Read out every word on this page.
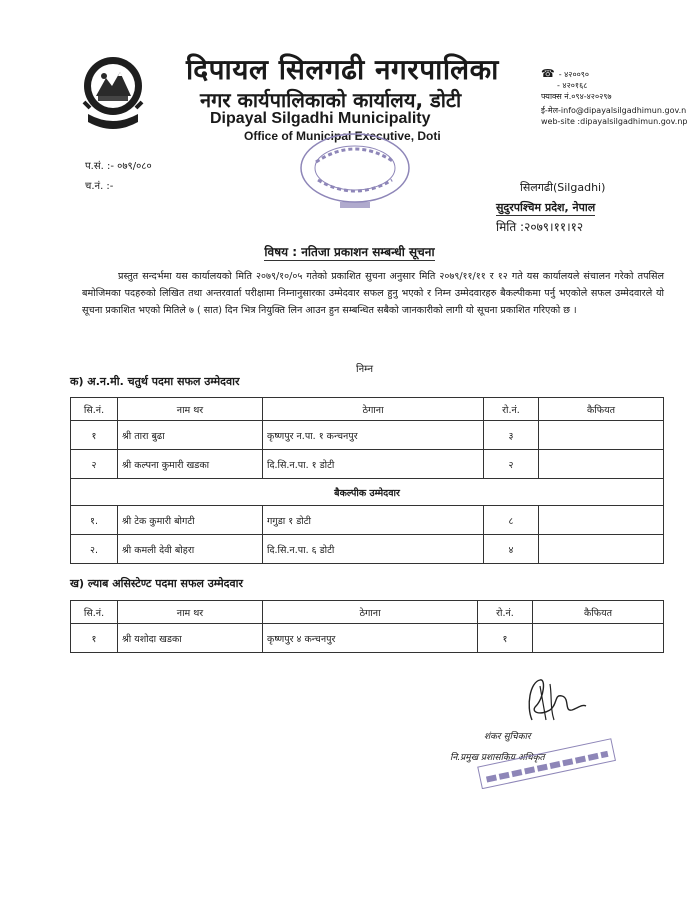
दिपायल सिलगढी नगरपालिका
नगर कार्यपालिकाको कार्यालय, डोटी
Dipayal Silgadhi Municipality
Office of Municipal Executive, Doti
☎ - ४२००९०
- ४२०१६८
फ्याक्स नं.०९४-४२०२९७
ई-मेल-info@dipayalsilgadhimun.gov.n
web-site :dipayalsilgadhimun.gov.np
प.सं. :- ०७९/०८०
च.नं. :-	सिलगढी(Silgadhi)
सुदुरपश्चिम प्रदेश, नेपाल
मिति :२०७९।११।१२
विषय : नतिजा प्रकाशन सम्बन्धी सूचना

प्रस्तुत सन्दर्भमा यस कार्यालयको मिति २०७९/१०/०५ गतेको प्रकाशित सुचना अनुसार मिति २०७९/११/११ र १२ गते यस कार्यालयले संचालन गरेको तपसिल बमोजिमका पदहरुको लिखित तथा अन्तरवार्ता परीक्षामा निम्नानुसारका उम्मेदवार सफल हुनु भएको र निम्न उम्मेदवारहरु बैकल्पीकमा पर्नु भएकोले सफल उम्मेदवारले यो सूचना प्रकाशित भएको मितिले ७ ( सात) दिन भित्र नियुक्ति लिन आउन हुन सम्बन्धित सबैको जानकारीको लागी यो सूचना प्रकाशित गरिएको छ ।

निम्न
क) अ.न.मी. चतुर्थ पदमा सफल उम्मेदवार
सि.नं.	नाम थर	ठेगाना	रो.नं.	कैफियत
१	श्री तारा बुढा	कृष्णपुर न.पा. १ कन्चनपुर	३	
२	श्री कल्पना कुमारी खडका	दि.सि.न.पा. १ डोटी	२	
बैकल्पीक उम्मेदवार				
१.	श्री टेक कुमारी बोगटी	गगुडा १ डोटी	८	
२.	श्री कमली देवी बोहरा	दि.सि.न.पा. ६ डोटी	४	
ख) ल्याब असिस्टेण्ट पदमा सफल उम्मेदवार
सि.नं.	नाम थर	ठेगाना	रो.नं.	कैफियत
१	श्री यशोदा खडका	कृष्णपुर ४ कन्चनपुर	१	
शंकर सुचिकार
नि.प्रमुख प्रशासकिय अधिकृत
